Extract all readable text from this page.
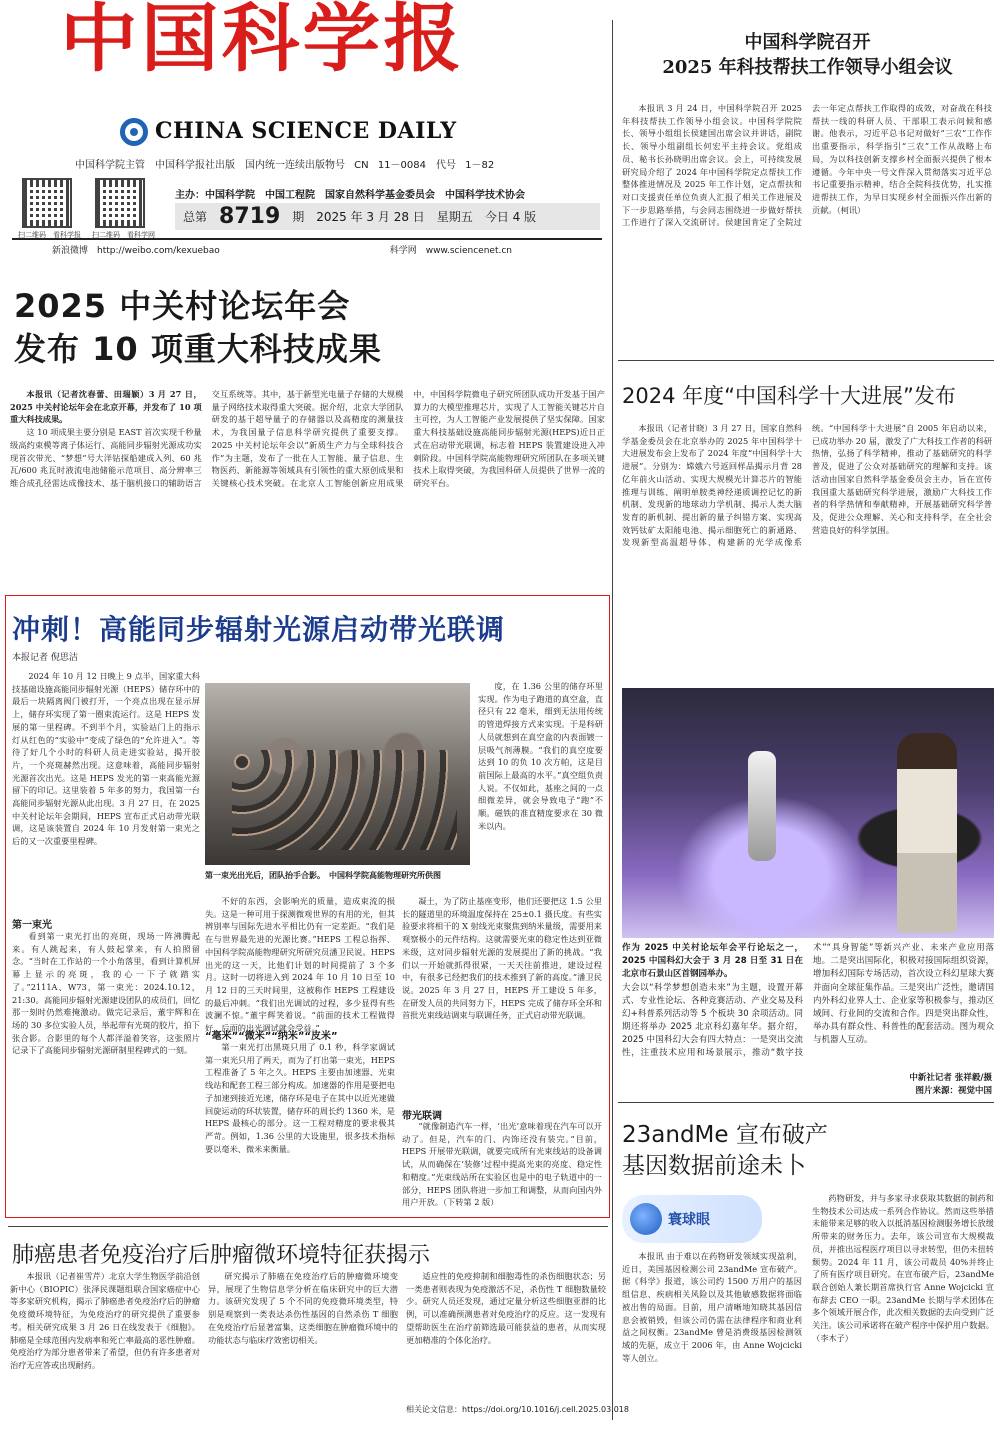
中国科学报
CHINA SCIENCE DAILY
中国科学院主管　中国科学报社出版　国内统一连续出版物号 CN 11－0084　代号 1－82
扫二维码　看科学报 扫二维码　看科学网
主办：中国科学院　中国工程院　国家自然科学基金委员会　中国科学技术协会
总第 8719 期 2025 年 3 月 28 日 星期五 今日 4 版
新浪微博　 http://weibo.com/kexuebao	科学网　 www.sciencenet.cn
中国科学院召开
2025 年科技帮扶工作领导小组会议

本报讯 3 月 24 日，中国科学院召开 2025 年科技帮扶工作领导小组会议。中国科学院院长、领导小组组长侯建国出席会议并讲话，副院长、领导小组副组长何宏平主持会议。党组成员、秘书长孙晓明出席会议。会上，可持续发展研究局介绍了 2024 年中国科学院定点帮扶工作整体推进情况及 2025 年工作计划，定点帮扶和对口支援责任单位负责人汇报了相关工作进展及下一步思路举措，与会同志围绕进一步做好帮扶工作进行了深入交流研讨。侯建国肯定了全院过去一年定点帮扶工作取得的成效，对奋战在科技帮扶一线的科研人员、干部职工表示问候和感谢。他表示，习近平总书记对做好“三农”工作作出重要指示，科学指引“三农”工作从战略上布局，为以科技创新支撑乡村全面振兴提供了根本遵循。今年中央一号文件深入贯彻落实习近平总书记重要指示精神，结合全院科技优势，扎实推进帮扶工作，为早日实现乡村全面振兴作出新的贡献。（柯讯）

2025 中关村论坛年会
发布 10 项重大科技成果

本报讯（记者沈春蕾、田瑞颖）3 月 27 日，2025 中关村论坛年会在北京开幕，并发布了 10 项重大科技成果。

这 10 项成果主要分别是 EAST 首次实现千秒量级高约束模等离子体运行、高能同步辐射光源成功实现首次带光、“梦想”号大洋钻探船建成入列、60 兆瓦/600 兆瓦时液流电池储能示范项目、高分辨率三维合成孔径雷达成像技术、基于脑机接口的辅助语言交互系统等。其中，基于新型光电量子存储的大规模量子网络技术取得重大突破。据介绍，北京大学团队研发的基于超导量子的存储器以及高精度的测量技术，为我国量子信息科学研究提供了重要支撑。2025 中关村论坛年会以“新质生产力与全球科技合作”为主题，发布了一批在人工智能、量子信息、生物医药、新能源等领域具有引领性的重大原创成果和关键核心技术突破。在北京人工智能创新应用成果中，中国科学院微电子研究所团队成功开发基于国产算力的大模型推理芯片，实现了人工智能关键芯片自主可控，为人工智能产业发展提供了坚实保障。国家重大科技基础设施高能同步辐射光源(HEPS)近日正式在启动带光联调，标志着 HEPS 装置建设进入冲刺阶段。中国科学院高能物理研究所团队在多项关键技术上取得突破，为我国科研人员提供了世界一流的研究平台。

2024 年度“中国科学十大进展”发布

本报讯（记者甘晓）3 月 27 日，国家自然科学基金委员会在北京举办的 2025 年中国科学十大进展发布会上发布了 2024 年度“中国科学十大进展”。分别为：嫦娥六号返回样品揭示月背 28 亿年前火山活动、实现大规模光计算芯片的智能推理与训练、阐明单胺类神经递质调控记忆的新机制、发现新的地球动力学机制、揭示人类大脑发育的新机制、提出新的量子纠错方案、实现高效钙钛矿太阳能电池、揭示细胞死亡的新通路、发现新型高温超导体、构建新的光学成像系统。“中国科学十大进展”自 2005 年启动以来，已成功举办 20 届，激发了广大科技工作者的科研热情，弘扬了科学精神，推动了基础研究的科学普及，促进了公众对基础研究的理解和支持。该活动由国家自然科学基金委员会主办，旨在宣传我国重大基础研究科学进展，激励广大科技工作者的科学热情和奉献精神，开展基础研究科学普及，促进公众理解、关心和支持科学，在全社会营造良好的科学氛围。

冲刺！高能同步辐射光源启动带光联调
本报记者 倪思洁

2024 年 10 月 12 日晚上 9 点半，国家重大科技基础设施高能同步辐射光源（HEPS）储存环中的最后一块隔离阀门被打开，一个亮点出现在显示屏上，储存环实现了第一圈束流运行。这是 HEPS 发展的第一里程碑。不到半个月，实验站门上的指示灯从红色的“实验中”变成了绿色的“允许进入”。等待了好几个小时的科研人员走进实验站，揭开胶片，一个亮斑赫然出现。这意味着，高能同步辐射光源首次出光。这是 HEPS 发光的第一束高能光源留下的印记。这里装着 5 年多的努力，我国第一台高能同步辐射光源从此出现。3 月 27 日，在 2025 中关村论坛年会期间，HEPS 宣布正式启动带光联调，这是该装置自 2024 年 10 月发射第一束光之后的又一次重要里程碑。

第一束光

看到第一束光打出的亮斑，现场一阵沸腾起来。有人跳起来，有人鼓起掌来，有人拍照留念。“当时在工作站的一个小角落里，看到计算机屏幕上显示的亮斑，我的心一下子就踏实了。”2111A、W73，第一束光：2024.10.12，21:30。高能同步辐射光源建设团队的成员们，回忆那一刻时仍然难掩激动。做完记录后，董宇辉和在场的 30 多位实验人员，举起带有光斑的胶片，拍下张合影。合影里的每个人都洋溢着笑容，这张照片记录下了高能同步辐射光源研制里程碑式的一刻。

第一束光出光后，团队抬手合影。　中国科学院高能物理研究所供图

不好的东西，会影响光的质量，造成束流的损失。这是一种可用于探测微观世界的有用的光，但其辨别率与国际先进水平相比仍有一定差距。“我们是在与世界最先进的光源比赛。”HEPS 工程总指挥、中国科学院高能物理研究所研究员潘卫民说。HEPS 出光的这一天，比他们计划的时间提前了 3 个多月。这时一切将进入到 2024 年 10 月 10 日至 10 月 12 日的三天时间里，这被称作 HEPS 工程建设的最后冲刺。“我们出光调试的过程，多少显得有些波澜不惊。”董宇辉笑着说。“前面的技术工程做得好，后面的出光调试就会受益。”

“毫米”“微米”“纳米”“皮米”

第一束光打出黑斑只用了 0.1 秒，科学家调试第一束光只用了两天，而为了打出第一束光，HEPS 工程准备了 5 年之久。HEPS 主要由加速器、光束线站和配套工程三部分构成。加速器的作用是要把电子加速到接近光速，储存环是电子在其中以近光速做回旋运动的环状装置，储存环的周长约 1360 米，是 HEPS 最核心的部分。这一工程对精度的要求极其严苛。例如，1.36 公里的大设施里，很多技术指标要以毫米、微米来衡量。

度，在 1.36 公里的储存环里实现。作为电子跑道的真空盒，直径只有 22 毫米，细到无法用传统的管道焊接方式来实现。于是科研人员就想到在真空盒的内表面镀一层吸气剂薄膜。“我们的真空度要达到 10 的负 10 次方帕，这是目前国际上最高的水平。”真空组负责人说。不仅如此，基座之间的一点细微差异，就会导致电子“跑”不顺。磁铁的准直精度要求在 30 微米以内。

凝土，为了防止基座变形，他们还要把这 1.5 公里长的隧道里的环境温度保持在 25±0.1 摄氏度。有些实验要求将相干的 X 射线光束聚焦到纳米量级，需要用来观察极小的元件结构。这就需要光束的稳定性达到亚微米级，这对同步辐射光源的发展提出了新的挑战。“我们以一开始就抓得很紧，一天天往前推进，建设过程中，有很多已经把我们的技术推到了新的高度。”潘卫民说。2025 年 3 月 27 日，HEPS 开工建设 5 年多，在研发人员的共同努力下，HEPS 完成了储存环全环和首批光束线站调束与联调任务，正式启动带光联调。

带光联调

“就像制造汽车一样，‘出光’意味着现在汽车可以开动了。但是，汽车的门、内饰还没有装完。”目前，HEPS 开展带光联调，就要完成所有光束线站的设备调试，从而确保在‘装修’过程中提高光束的亮度、稳定性和精度。”光束线站所在实验区也是中的电子轨道中的一部分，HEPS 团队将进一步加工和调整，从而向国内外用户开放。（下转第 2 版）

作为 2025 中关村论坛年会平行论坛之一，2025 中国科幻大会于 3 月 28 日至 31 日在北京市石景山区首钢园举办。

大会以“科学梦想创造未来”为主题，设置开幕式、专业性论坛、各种竞赛活动、产业交易及科幻+科普系列活动等 5 个板块 30 余项活动。同期还将举办 2025 北京科幻嘉年华。据介绍，2025 中国科幻大会有四大特点：一是突出交流性，注重技术应用和场景展示，推动“数字技术”“具身智能”等新兴产业、未来产业应用落地。二是突出国际化，积极对接国际组织资源，增加科幻国际专场活动，首次设立科幻星球大赛并面向全球征集作品。三是突出广泛性，邀请国内外科幻业界人士、企业家等积极参与，推动区域间、行业间的交流和合作。四是突出群众性，举办具有群众性、科普性的配套活动。图为观众与机器人互动。

中新社记者 张祥毅/摄
图片来源：视觉中国
23andMe 宣布破产
基因数据前途未卜
寰球眼

本报讯 由于难以在药物研发领域实现盈利，近日，美国基因检测公司 23andMe 宣布破产。据《科学》报道，该公司约 1500 万用户的基因组信息、疾病相关风险以及其他敏感数据将面临被出售的局面。目前，用户清晰地知晓其基因信息会被销毁，但该公司仍需在法律程序和商业利益之间权衡。23andMe 曾是消费级基因检测领域的先驱，成立于 2006 年，由 Anne Wojcicki 等人创立。

药物研发，并与多家寻求获取其数据的制药和生物技术公司达成一系列合作协议。然而这些举措未能带来足够的收入以抵消基因检测服务增长放缓所带来的财务压力。去年，该公司宣布大规模裁员，并推出远程医疗项目以寻求转型，但仍未扭转颓势。2024 年 11 月，该公司裁员 40%并终止了所有医疗项目研究。在宣布破产后，23andMe 联合创始人兼长期首席执行官 Anne Wojcicki 宣布辞去 CEO 一职。23andMe 长期与学术团体在多个领域开展合作，此次相关数据的去向受到广泛关注。该公司承诺将在破产程序中保护用户数据。（李木子）

肺癌患者免疫治疗后肿瘤微环境特征获揭示

本报讯（记者崔雪芹）北京大学生物医学前沿创新中心（BIOPIC）张泽民课题组联合国家癌症中心等多家研究机构，揭示了肺癌患者免疫治疗后的肿瘤免疫微环境特征，为免疫治疗的研究提供了重要参考。相关研究成果 3 月 26 日在线发表于《细胞》。肺癌是全球范围内发病率和死亡率最高的恶性肿瘤。免疫治疗为部分患者带来了希望，但仍有许多患者对治疗无应答或出现耐药。

研究揭示了肺癌在免疫治疗后的肿瘤微环境变异，展现了生物信息学分析在临床研究中的巨大潜力。该研究发现了 5 个不同的免疫微环境类型，特别是观察到一类表达杀伤性基因的自然杀伤 T 细胞在免疫治疗后显著富集，这类细胞在肿瘤微环境中的功能状态与临床疗效密切相关。

适应性的免疫抑制和细胞毒性的杀伤细胞状态；另一类患者则表现为免疫激活不足，杀伤性 T 细胞数量较少。研究人员还发现，通过定量分析这些细胞亚群的比例，可以准确预测患者对免疫治疗的反应。这一发现有望帮助医生在治疗前筛选最可能获益的患者，从而实现更加精准的个体化治疗。

相关论文信息：https://doi.org/10.1016/j.cell.2025.03.018
